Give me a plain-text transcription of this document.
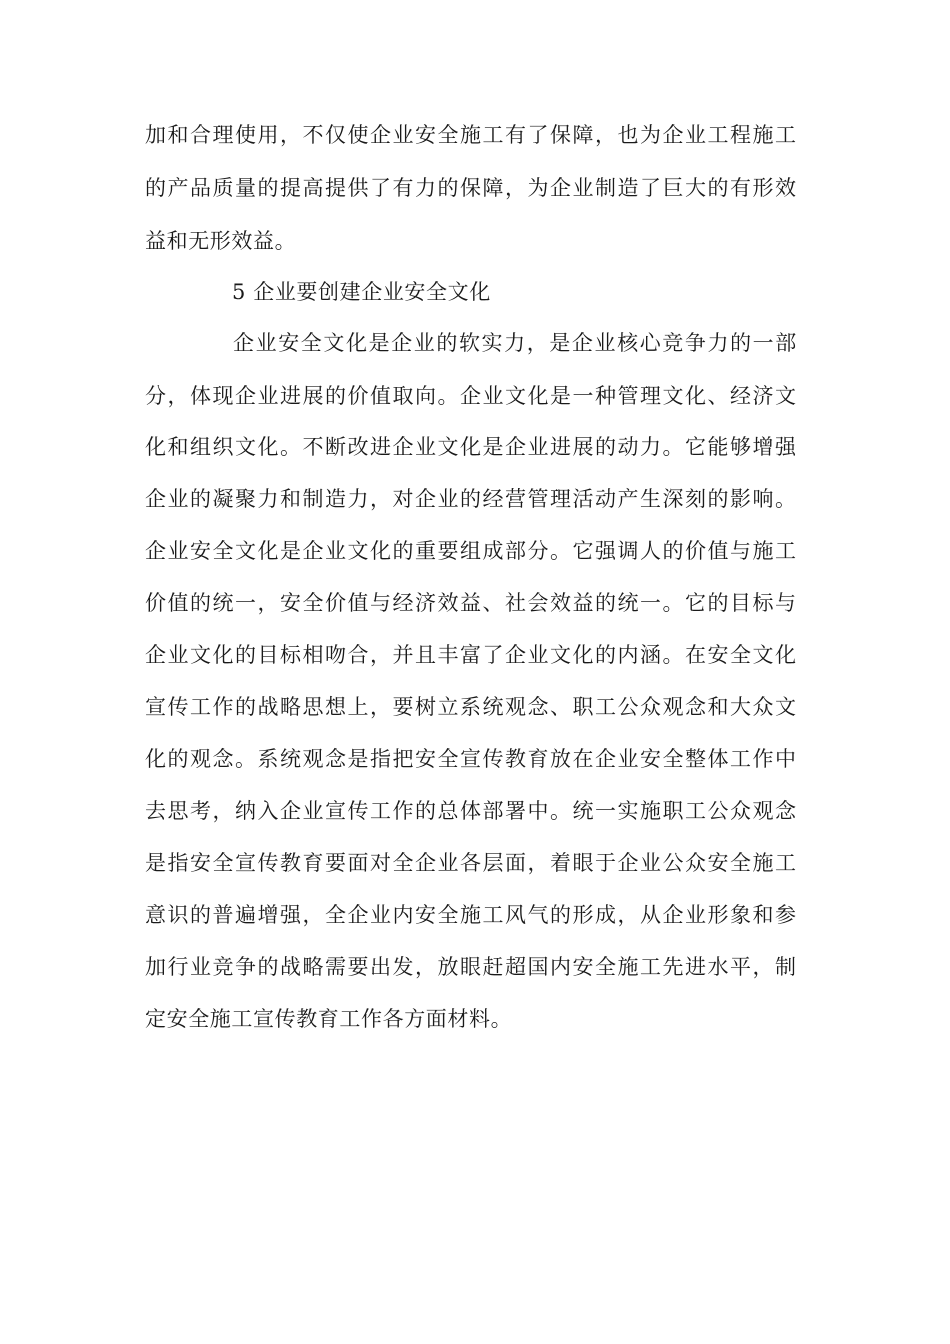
加 和 合 理 使 用 ， 不 仅 使 企 业 安 全 施 工 有 了 保 障 ， 也 为 企 业 工 程 施 工
的 产 品 质 量 的 提 高 提 供 了 有 力 的 保 障 ， 为 企 业 制 造 了 巨 大 的 有 形 效
益和无形效益。
5 企业要创建企业安全文化
企 业 安 全 文 化 是 企 业 的 软 实 力 ， 是 企 业 核 心 竞 争 力 的 一 部
分 ， 体 现 企 业 进 展 的 价 值 取 向 。 企 业 文 化 是 一 种 管 理 文 化 、 经 济 文
化 和 组 织 文 化 。 不 断 改 进 企 业 文 化 是 企 业 进 展 的 动 力 。 它 能 够 增 强
企 业 的 凝 聚 力 和 制 造 力 ， 对 企 业 的 经 营 管 理 活 动 产 生 深 刻 的 影 响 。
企 业 安 全 文 化 是 企 业 文 化 的 重 要 组 成 部 分 。 它 强 调 人 的 价 值 与 施 工
价 值 的 统 一 ， 安 全 价 值 与 经 济 效 益 、 社 会 效 益 的 统 一 。 它 的 目 标 与
企 业 文 化 的 目 标 相 吻 合 ， 并 且 丰 富 了 企 业 文 化 的 内 涵 。 在 安 全 文 化
宣 传 工 作 的 战 略 思 想 上 ， 要 树 立 系 统 观 念 、 职 工 公 众 观 念 和 大 众 文
化 的 观 念 。 系 统 观 念 是 指 把 安 全 宣 传 教 育 放 在 企 业 安 全 整 体 工 作 中
去 思 考 ， 纳 入 企 业 宣 传 工 作 的 总 体 部 署 中 。 统 一 实 施 职 工 公 众 观 念
是 指 安 全 宣 传 教 育 要 面 对 全 企 业 各 层 面 ， 着 眼 于 企 业 公 众 安 全 施 工
意 识 的 普 遍 增 强 ， 全 企 业 内 安 全 施 工 风 气 的 形 成 ， 从 企 业 形 象 和 参
加 行 业 竞 争 的 战 略 需 要 出 发 ， 放 眼 赶 超 国 内 安 全 施 工 先 进 水 平 ， 制
定安全施工宣传教育工作各方面材料。
